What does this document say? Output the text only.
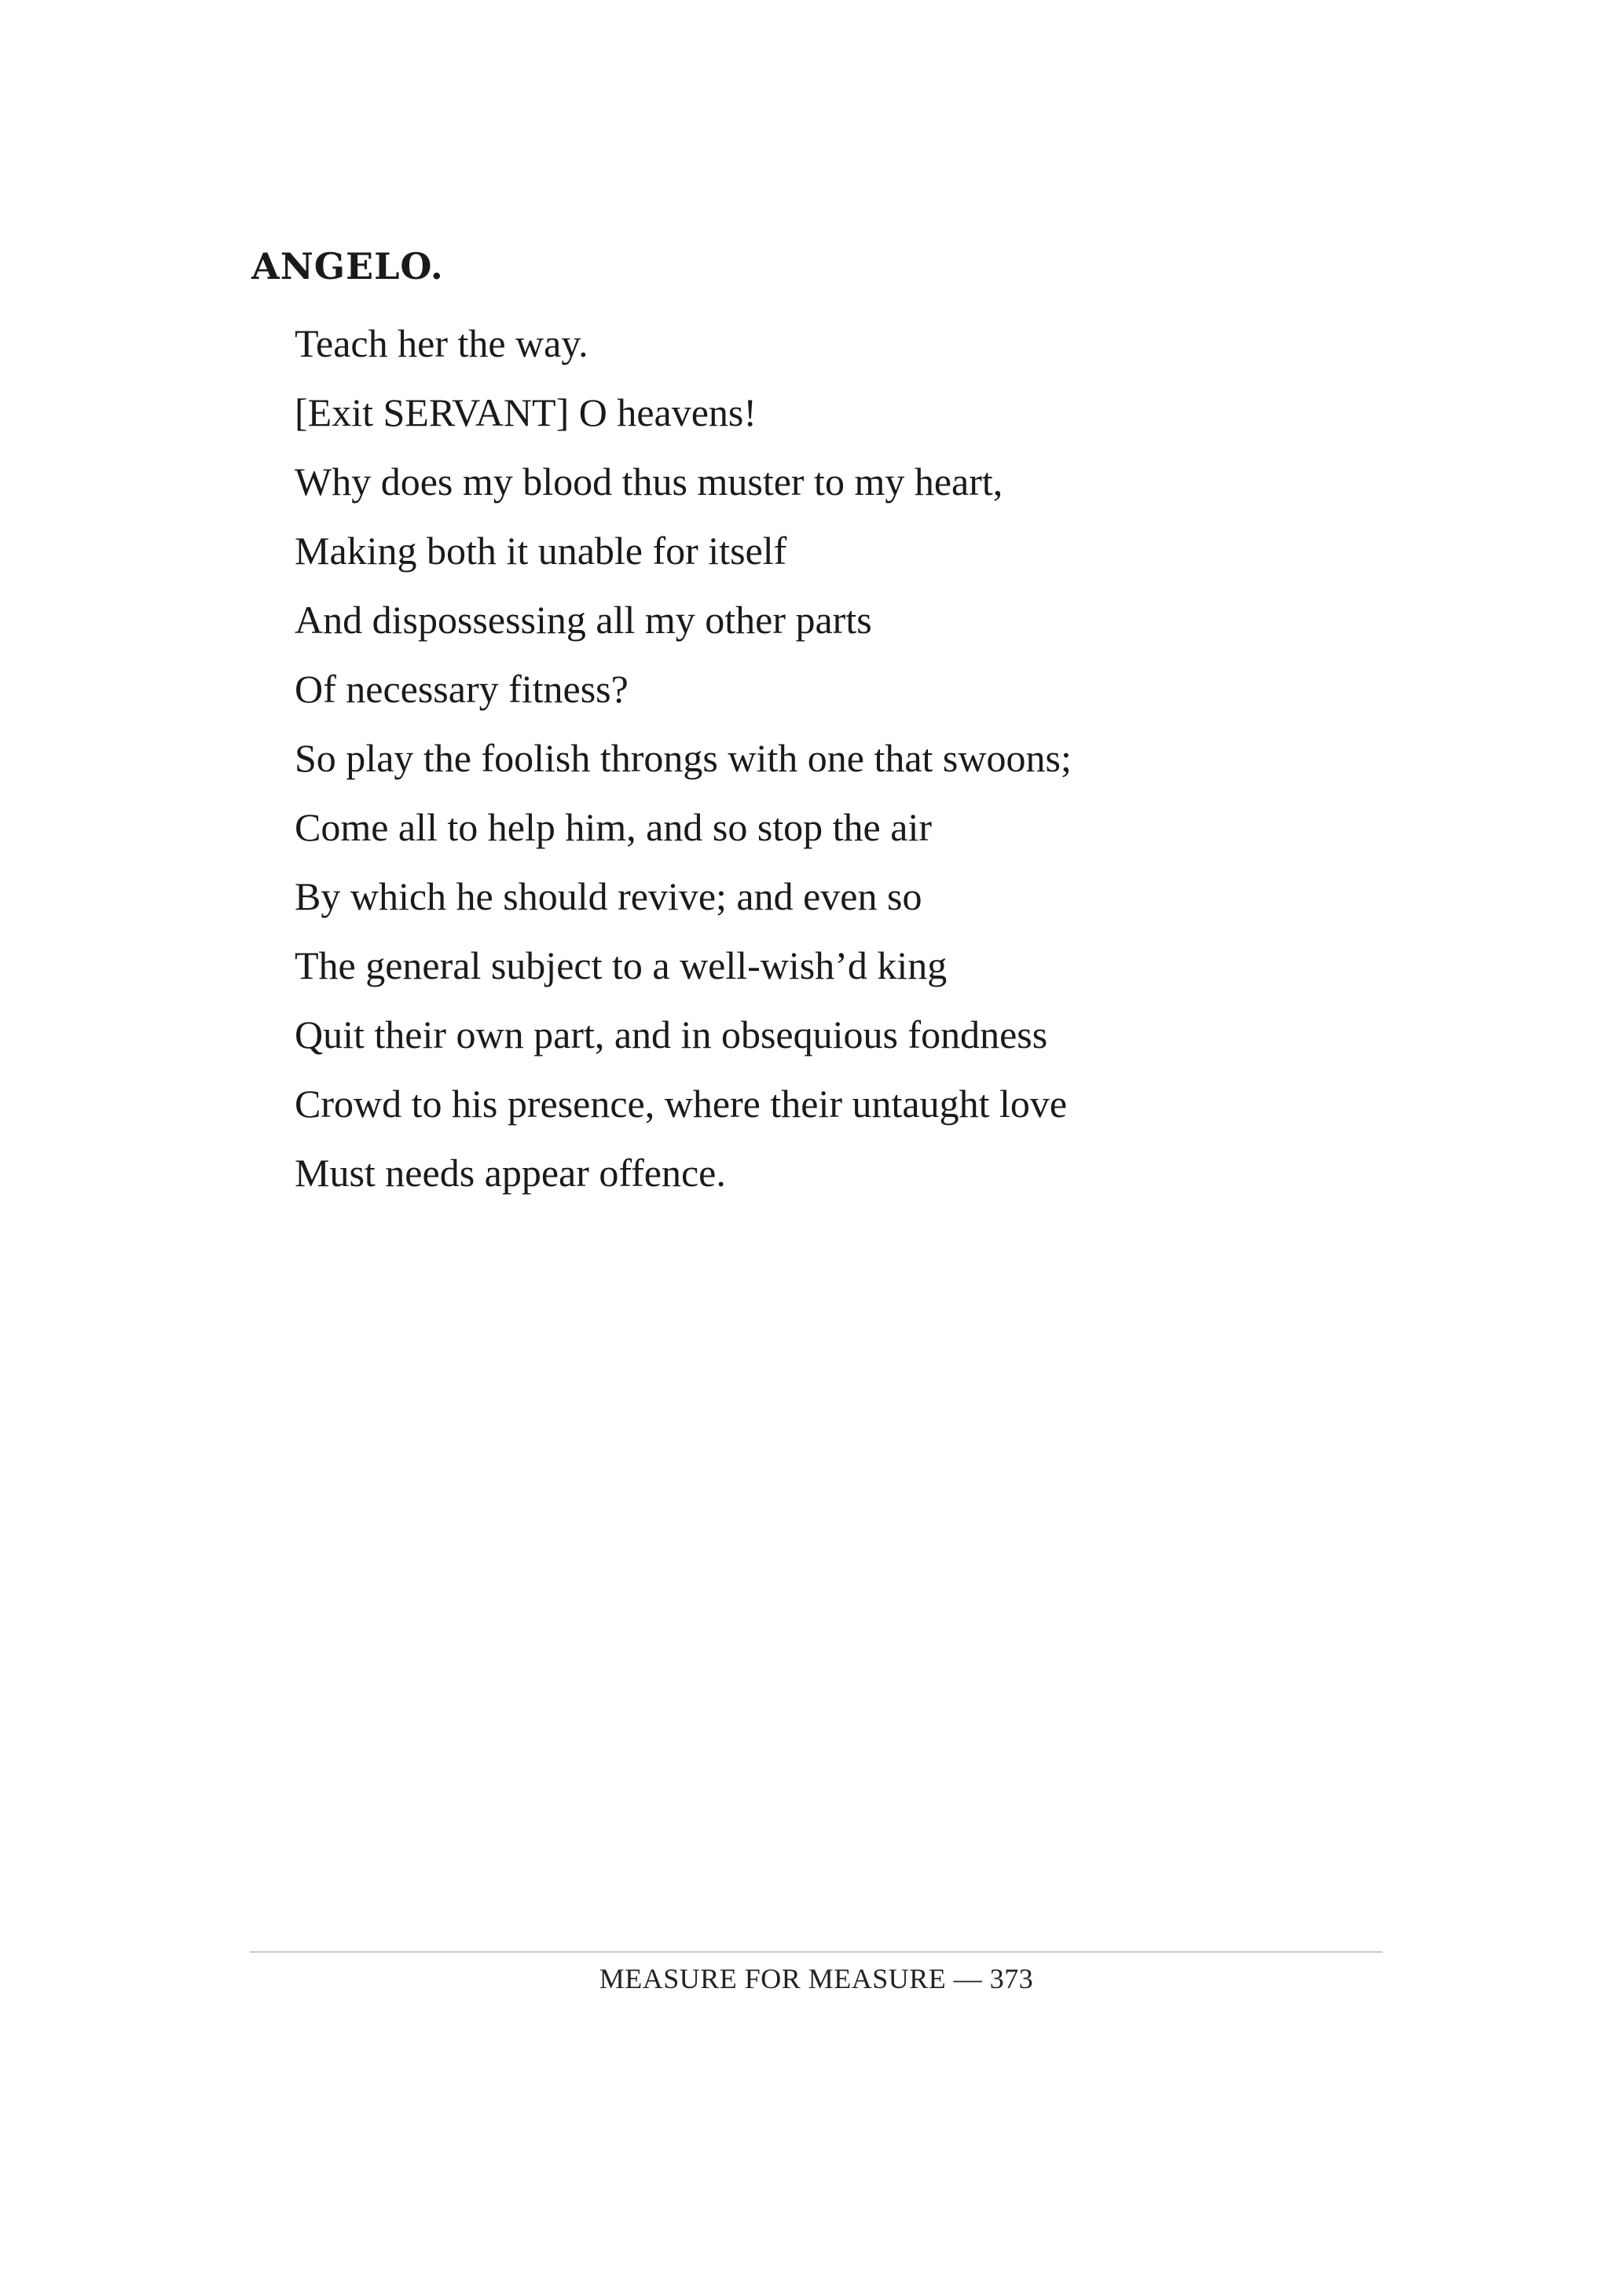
ANGELO.

Teach her the way.
[Exit SERVANT] O heavens!
Why does my blood thus muster to my heart,
Making both it unable for itself
And dispossessing all my other parts
Of necessary fitness?
So play the foolish throngs with one that swoons;
Come all to help him, and so stop the air
By which he should revive; and even so
The general subject to a well-wish’d king
Quit their own part, and in obsequious fondness
Crowd to his presence, where their untaught love
Must needs appear offence.
MEASURE FOR MEASURE — 373
